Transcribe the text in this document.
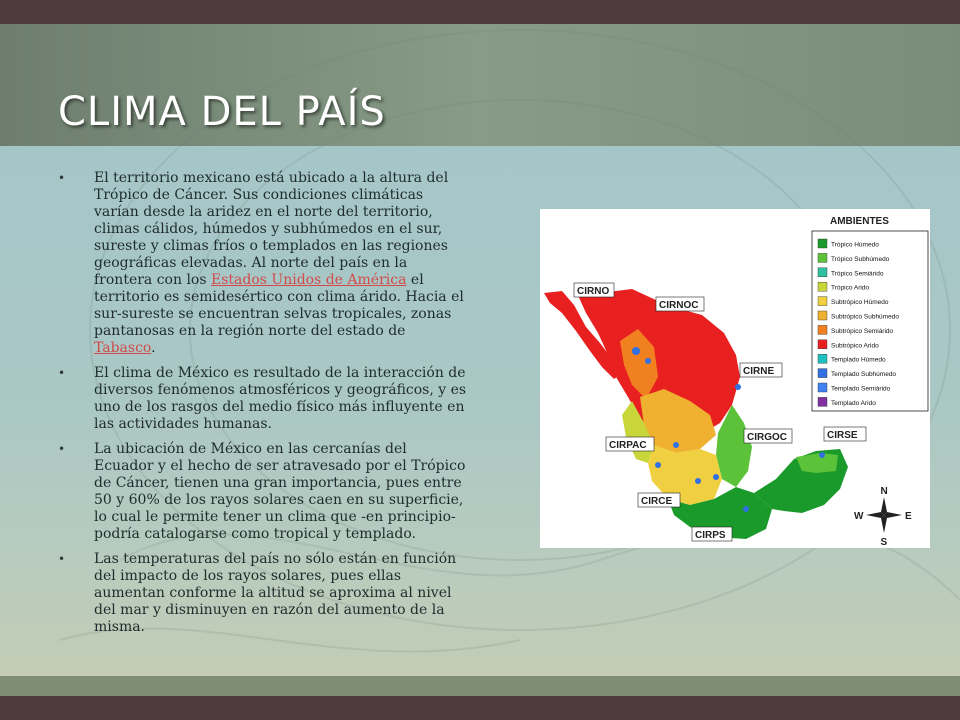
CLIMA DEL PAÍS
• El territorio mexicano está ubicado a la altura del Trópico de Cáncer. Sus condiciones climáticas varían desde la aridez en el norte del territorio, climas cálidos, húmedos y subhúmedos en el sur, sureste y climas fríos o templados en las regiones geográficas elevadas. Al norte del país en la frontera con los Estados Unidos de América el territorio es semidesértico con clima árido. Hacia el sur-sureste se encuentran selvas tropicales, zonas pantanosas en la región norte del estado de Tabasco.
• El clima de México es resultado de la interacción de diversos fenómenos atmosféricos y geográficos, y es uno de los rasgos del medio físico más influyente en las actividades humanas.
• La ubicación de México en las cercanías del Ecuador y el hecho de ser atravesado por el Trópico de Cáncer, tienen una gran importancia, pues entre 50 y 60% de los rayos solares caen en su superficie, lo cual le permite tener un clima que -en principio- podría catalogarse como tropical y templado.
• Las temperaturas del país no sólo están en función del impacto de los rayos solares, pues ellas aumentan conforme la altitud se aproxima al nivel del mar y disminuyen en razón del aumento de la misma.
CIRNO
CIRNOC
CIRNE
CIRPAC
CIRGOC	CIRSE
CIRCE
CIRPS
AMBIENTES
Trópico Húmedo
Trópico Subhúmedo
Trópico Semiárido
Trópico Arido
Subtrópico Húmedo
Subtrópico Subhúmedo
Subtrópico Semiárido
Subtrópico Arido
Templado Húmedo
Templado Subhúmedo
Templado Semiárido
Templado Arido
N
S
E
W
